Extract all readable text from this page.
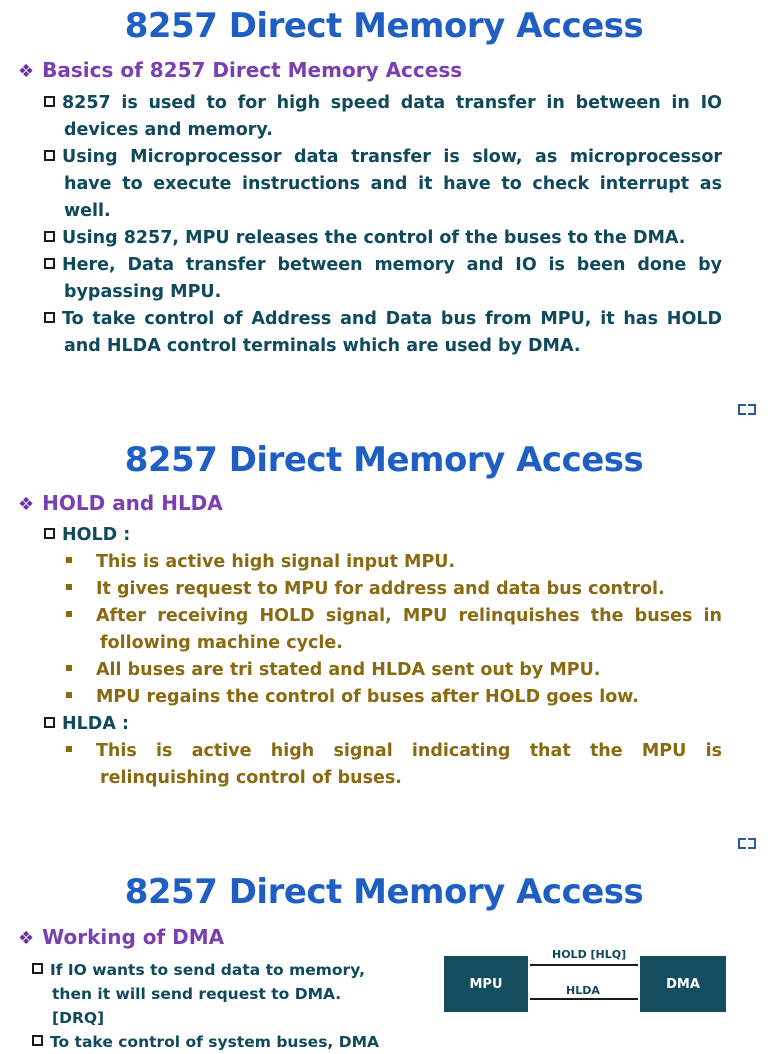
8257 Direct Memory Access
❖ Basics of 8257 Direct Memory Access
8257 is used to for high speed data transfer in between in IO devices and memory.
Using Microprocessor data transfer is slow, as microprocessor have to execute instructions and it have to check interrupt as well.
Using 8257, MPU releases the control of the buses to the DMA.
Here, Data transfer between memory and IO is been done by bypassing MPU.
To take control of Address and Data bus from MPU, it has HOLD and HLDA control terminals which are used by DMA.
8257 Direct Memory Access
❖ HOLD and HLDA
HOLD :
This is active high signal input MPU.
It gives request to MPU for address and data bus control.
After receiving HOLD signal, MPU relinquishes the buses in following machine cycle.
All buses are tri stated and HLDA sent out by MPU.
MPU regains the control of buses after HOLD goes low.
HLDA :
This is active high signal indicating that the MPU is relinquishing control of buses.
8257 Direct Memory Access
❖ Working of DMA
If IO wants to send data to memory, then it will send request to DMA. [DRQ]
To take control of system buses, DMA
MPU	DMA
HOLD [HLQ]
HLDA
